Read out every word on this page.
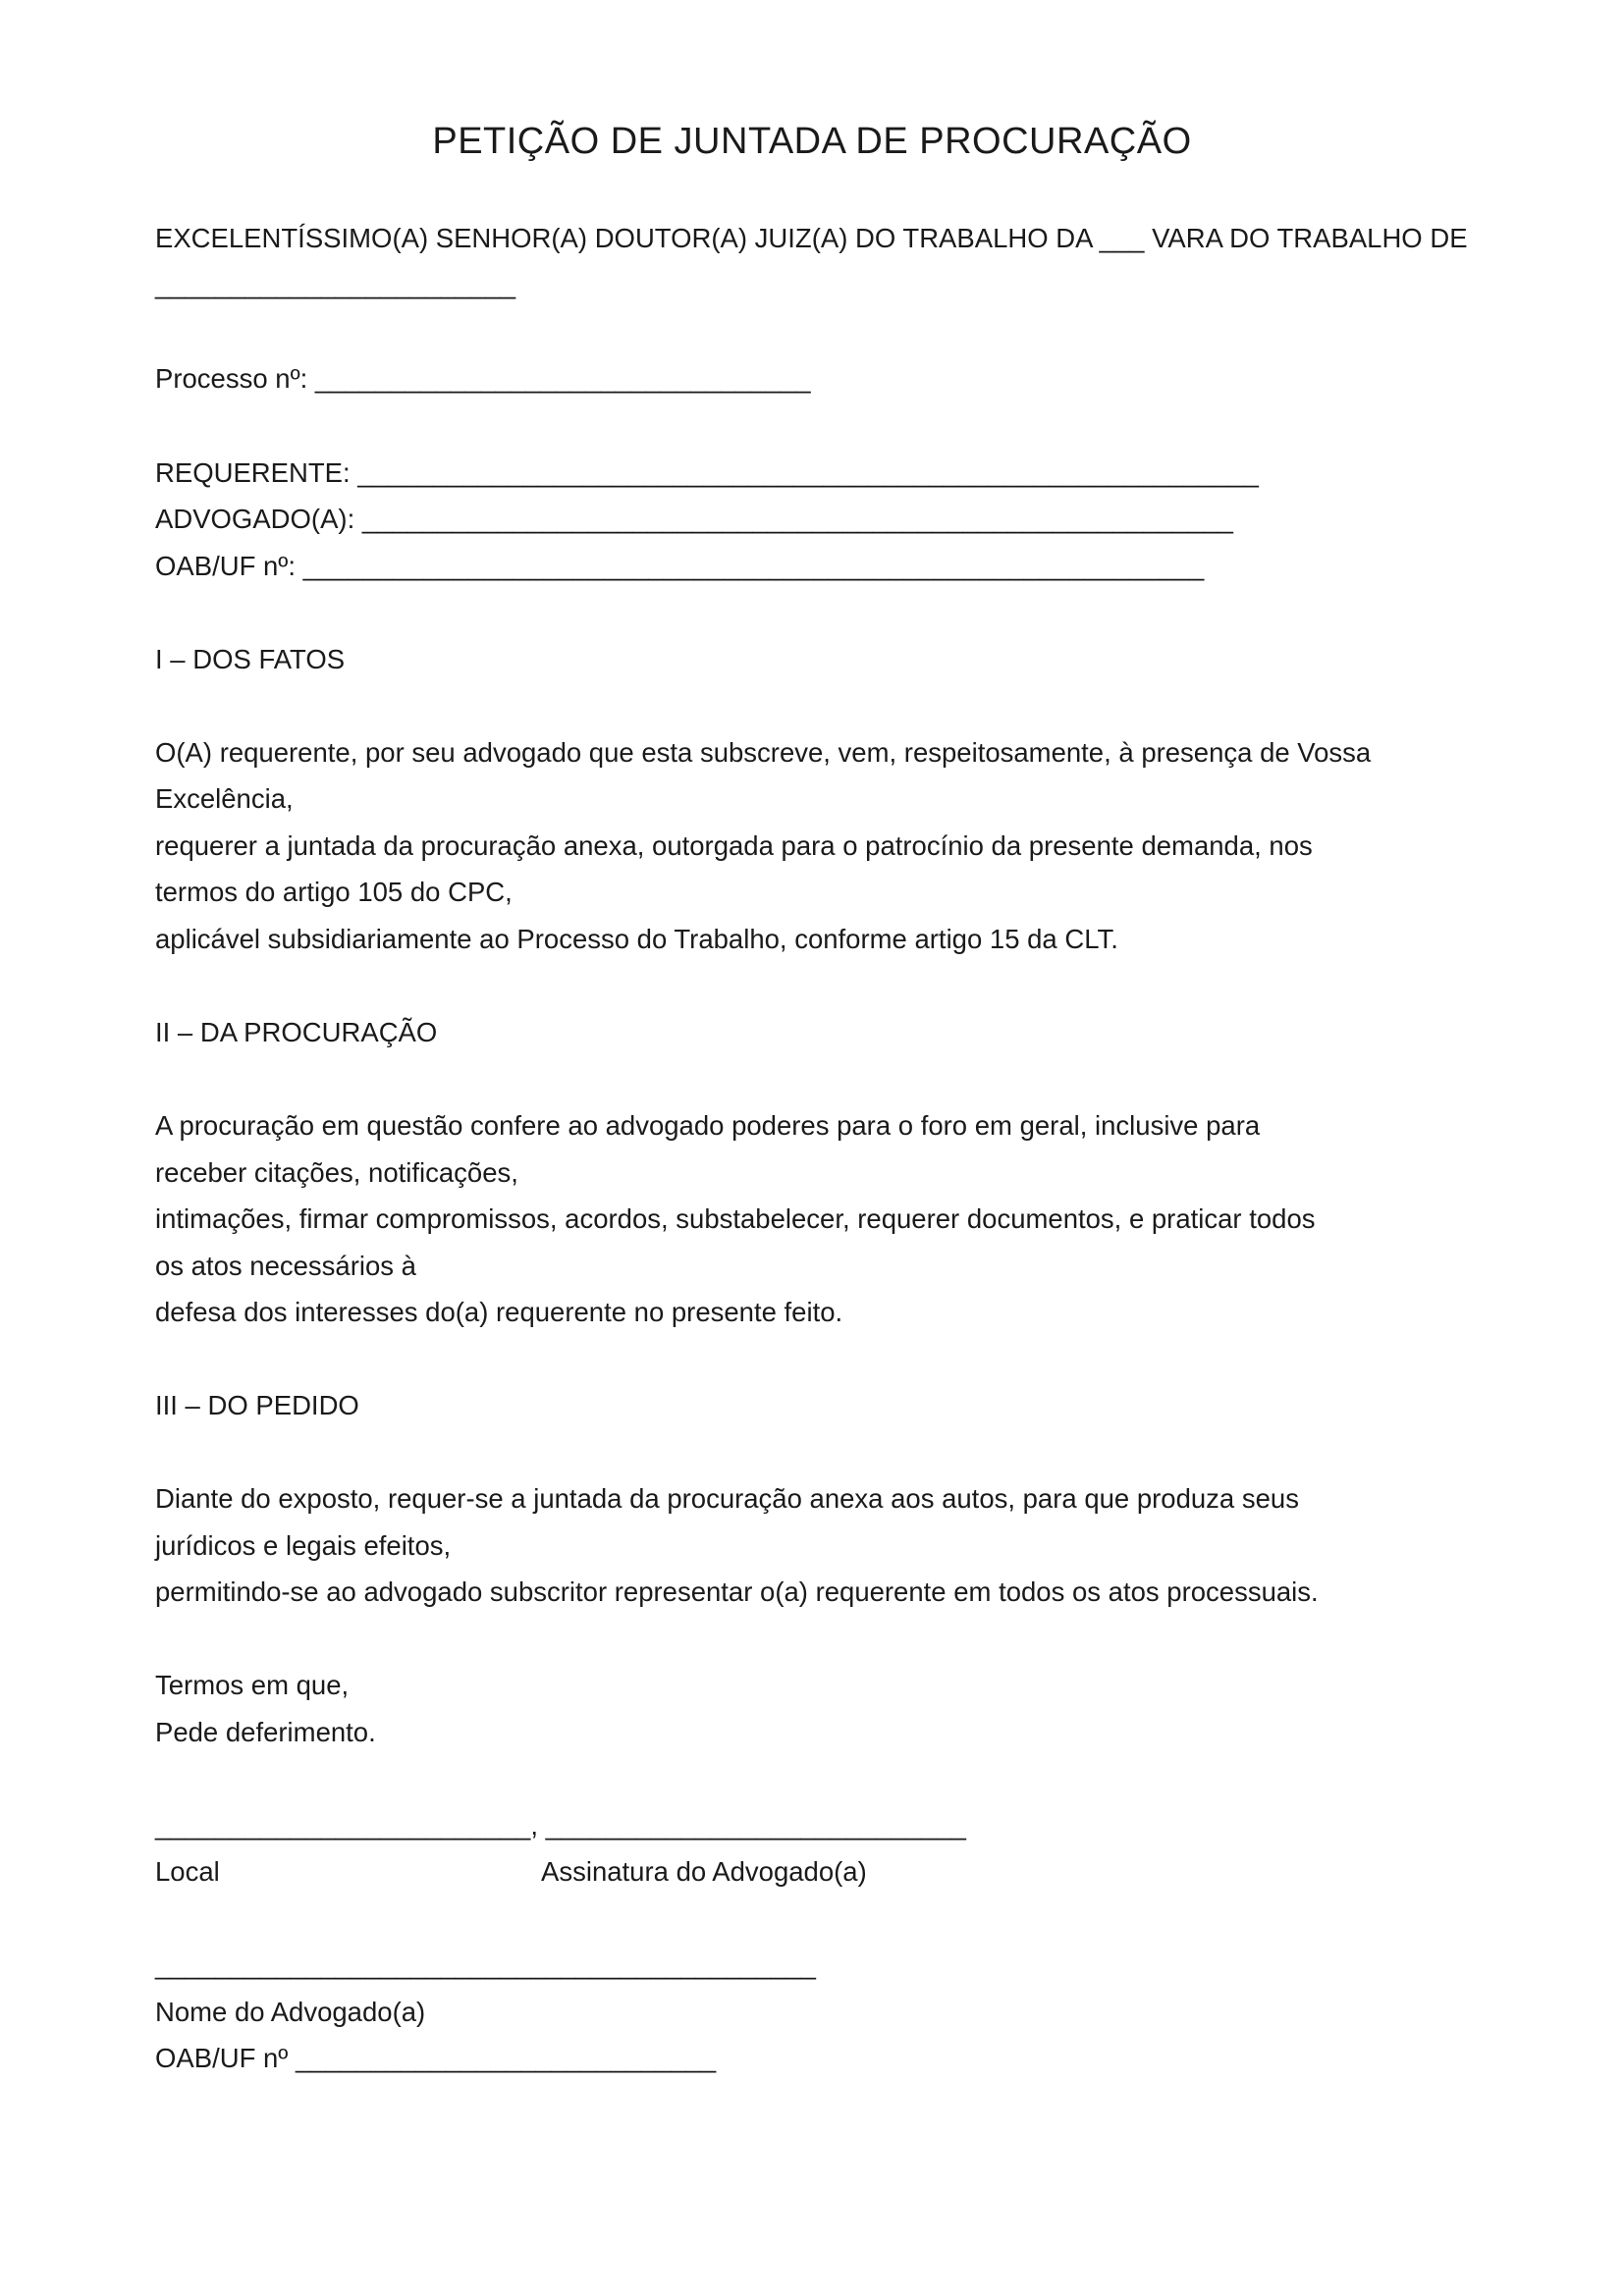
PETIÇÃO DE JUNTADA DE PROCURAÇÃO

EXCELENTÍSSIMO(A) SENHOR(A) DOUTOR(A) JUIZ(A) DO TRABALHO DA ___ VARA DO TRABALHO DE

________________________

Processo nº: _________________________________

REQUERENTE: ____________________________________________________________

ADVOGADO(A): __________________________________________________________

OAB/UF nº: ____________________________________________________________

I – DOS FATOS

O(A) requerente, por seu advogado que esta subscreve, vem, respeitosamente, à presença de Vossa

Excelência,

requerer a juntada da procuração anexa, outorgada para o patrocínio da presente demanda, nos

termos do artigo 105 do CPC,

aplicável subsidiariamente ao Processo do Trabalho, conforme artigo 15 da CLT.

II – DA PROCURAÇÃO

A procuração em questão confere ao advogado poderes para o foro em geral, inclusive para

receber citações, notificações,

intimações, firmar compromissos, acordos, substabelecer, requerer documentos, e praticar todos

os atos necessários à

defesa dos interesses do(a) requerente no presente feito.

III – DO PEDIDO

Diante do exposto, requer-se a juntada da procuração anexa aos autos, para que produza seus

jurídicos e legais efeitos,

permitindo-se ao advogado subscritor representar o(a) requerente em todos os atos processuais.

Termos em que,

Pede deferimento.

_________________________, ____________________________

Local	Assinatura do Advogado(a)

____________________________________________

Nome do Advogado(a)

OAB/UF nº ____________________________
